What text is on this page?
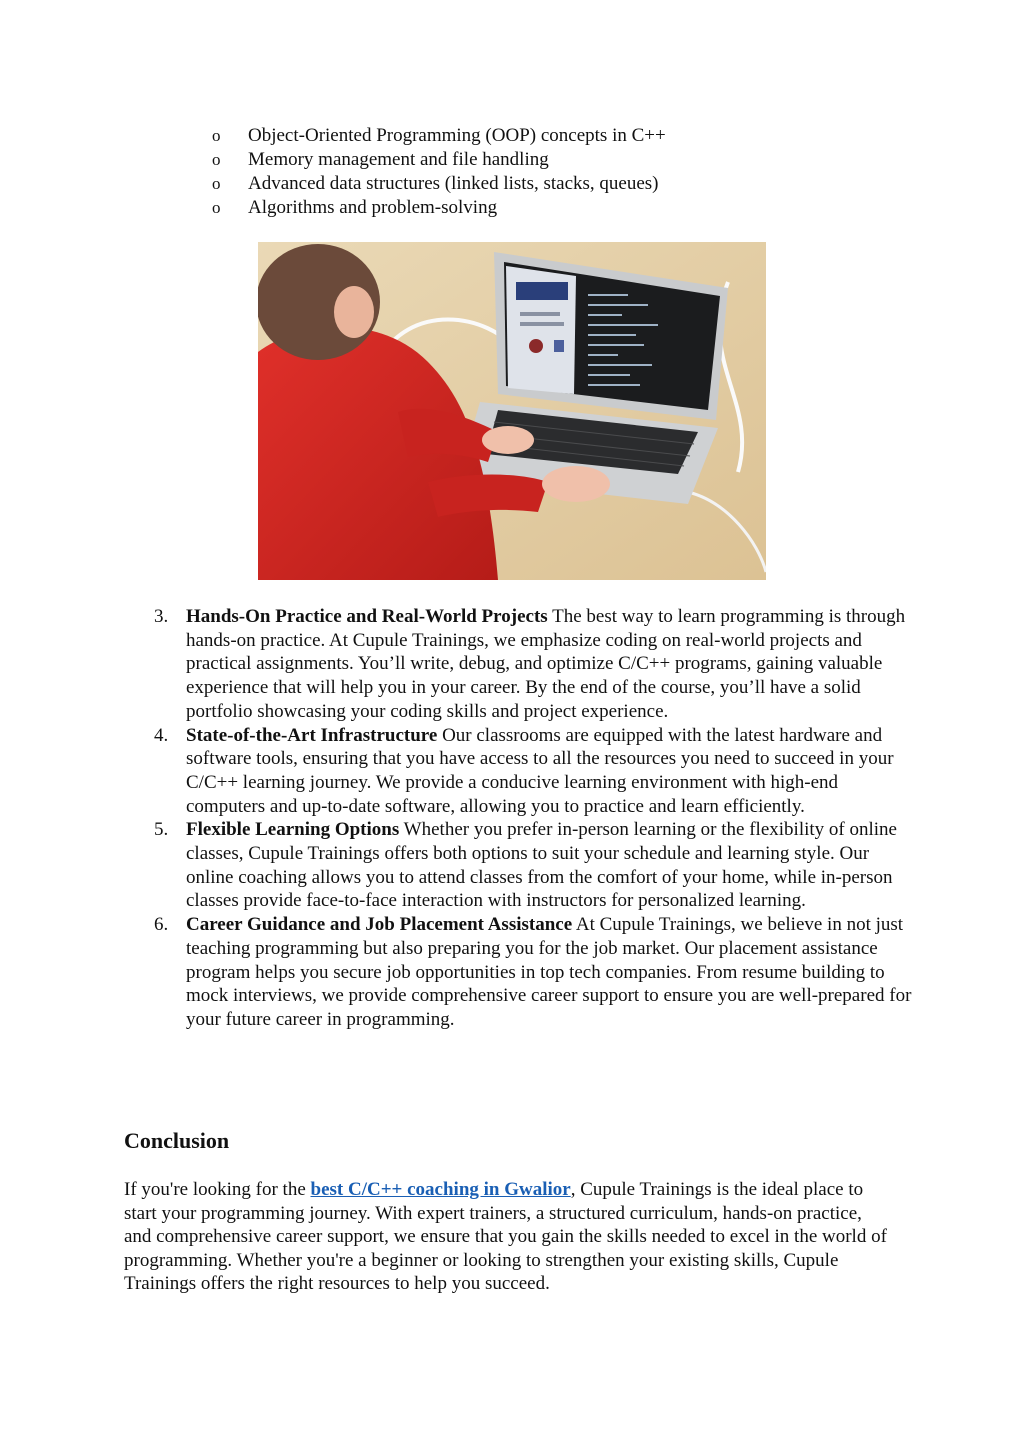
o Object-Oriented Programming (OOP) concepts in C++
o Memory management and file handling
o Advanced data structures (linked lists, stacks, queues)
o Algorithms and problem-solving
3. Hands-On Practice and Real-World Projects The best way to learn programming is through hands-on practice. At Cupule Trainings, we emphasize coding on real-world projects and practical assignments. You’ll write, debug, and optimize C/C++ programs, gaining valuable experience that will help you in your career. By the end of the course, you’ll have a solid portfolio showcasing your coding skills and project experience.
4. State-of-the-Art Infrastructure Our classrooms are equipped with the latest hardware and software tools, ensuring that you have access to all the resources you need to succeed in your C/C++ learning journey. We provide a conducive learning environment with high-end computers and up-to-date software, allowing you to practice and learn efficiently.
5. Flexible Learning Options Whether you prefer in-person learning or the flexibility of online classes, Cupule Trainings offers both options to suit your schedule and learning style. Our online coaching allows you to attend classes from the comfort of your home, while in-person classes provide face-to-face interaction with instructors for personalized learning.
6. Career Guidance and Job Placement Assistance At Cupule Trainings, we believe in not just teaching programming but also preparing you for the job market. Our placement assistance program helps you secure job opportunities in top tech companies. From resume building to mock interviews, we provide comprehensive career support to ensure you are well-prepared for your future career in programming.
Conclusion

If you're looking for the best C/C++ coaching in Gwalior, Cupule Trainings is the ideal place to start your programming journey. With expert trainers, a structured curriculum, hands-on practice, and comprehensive career support, we ensure that you gain the skills needed to excel in the world of programming. Whether you're a beginner or looking to strengthen your existing skills, Cupule Trainings offers the right resources to help you succeed.
